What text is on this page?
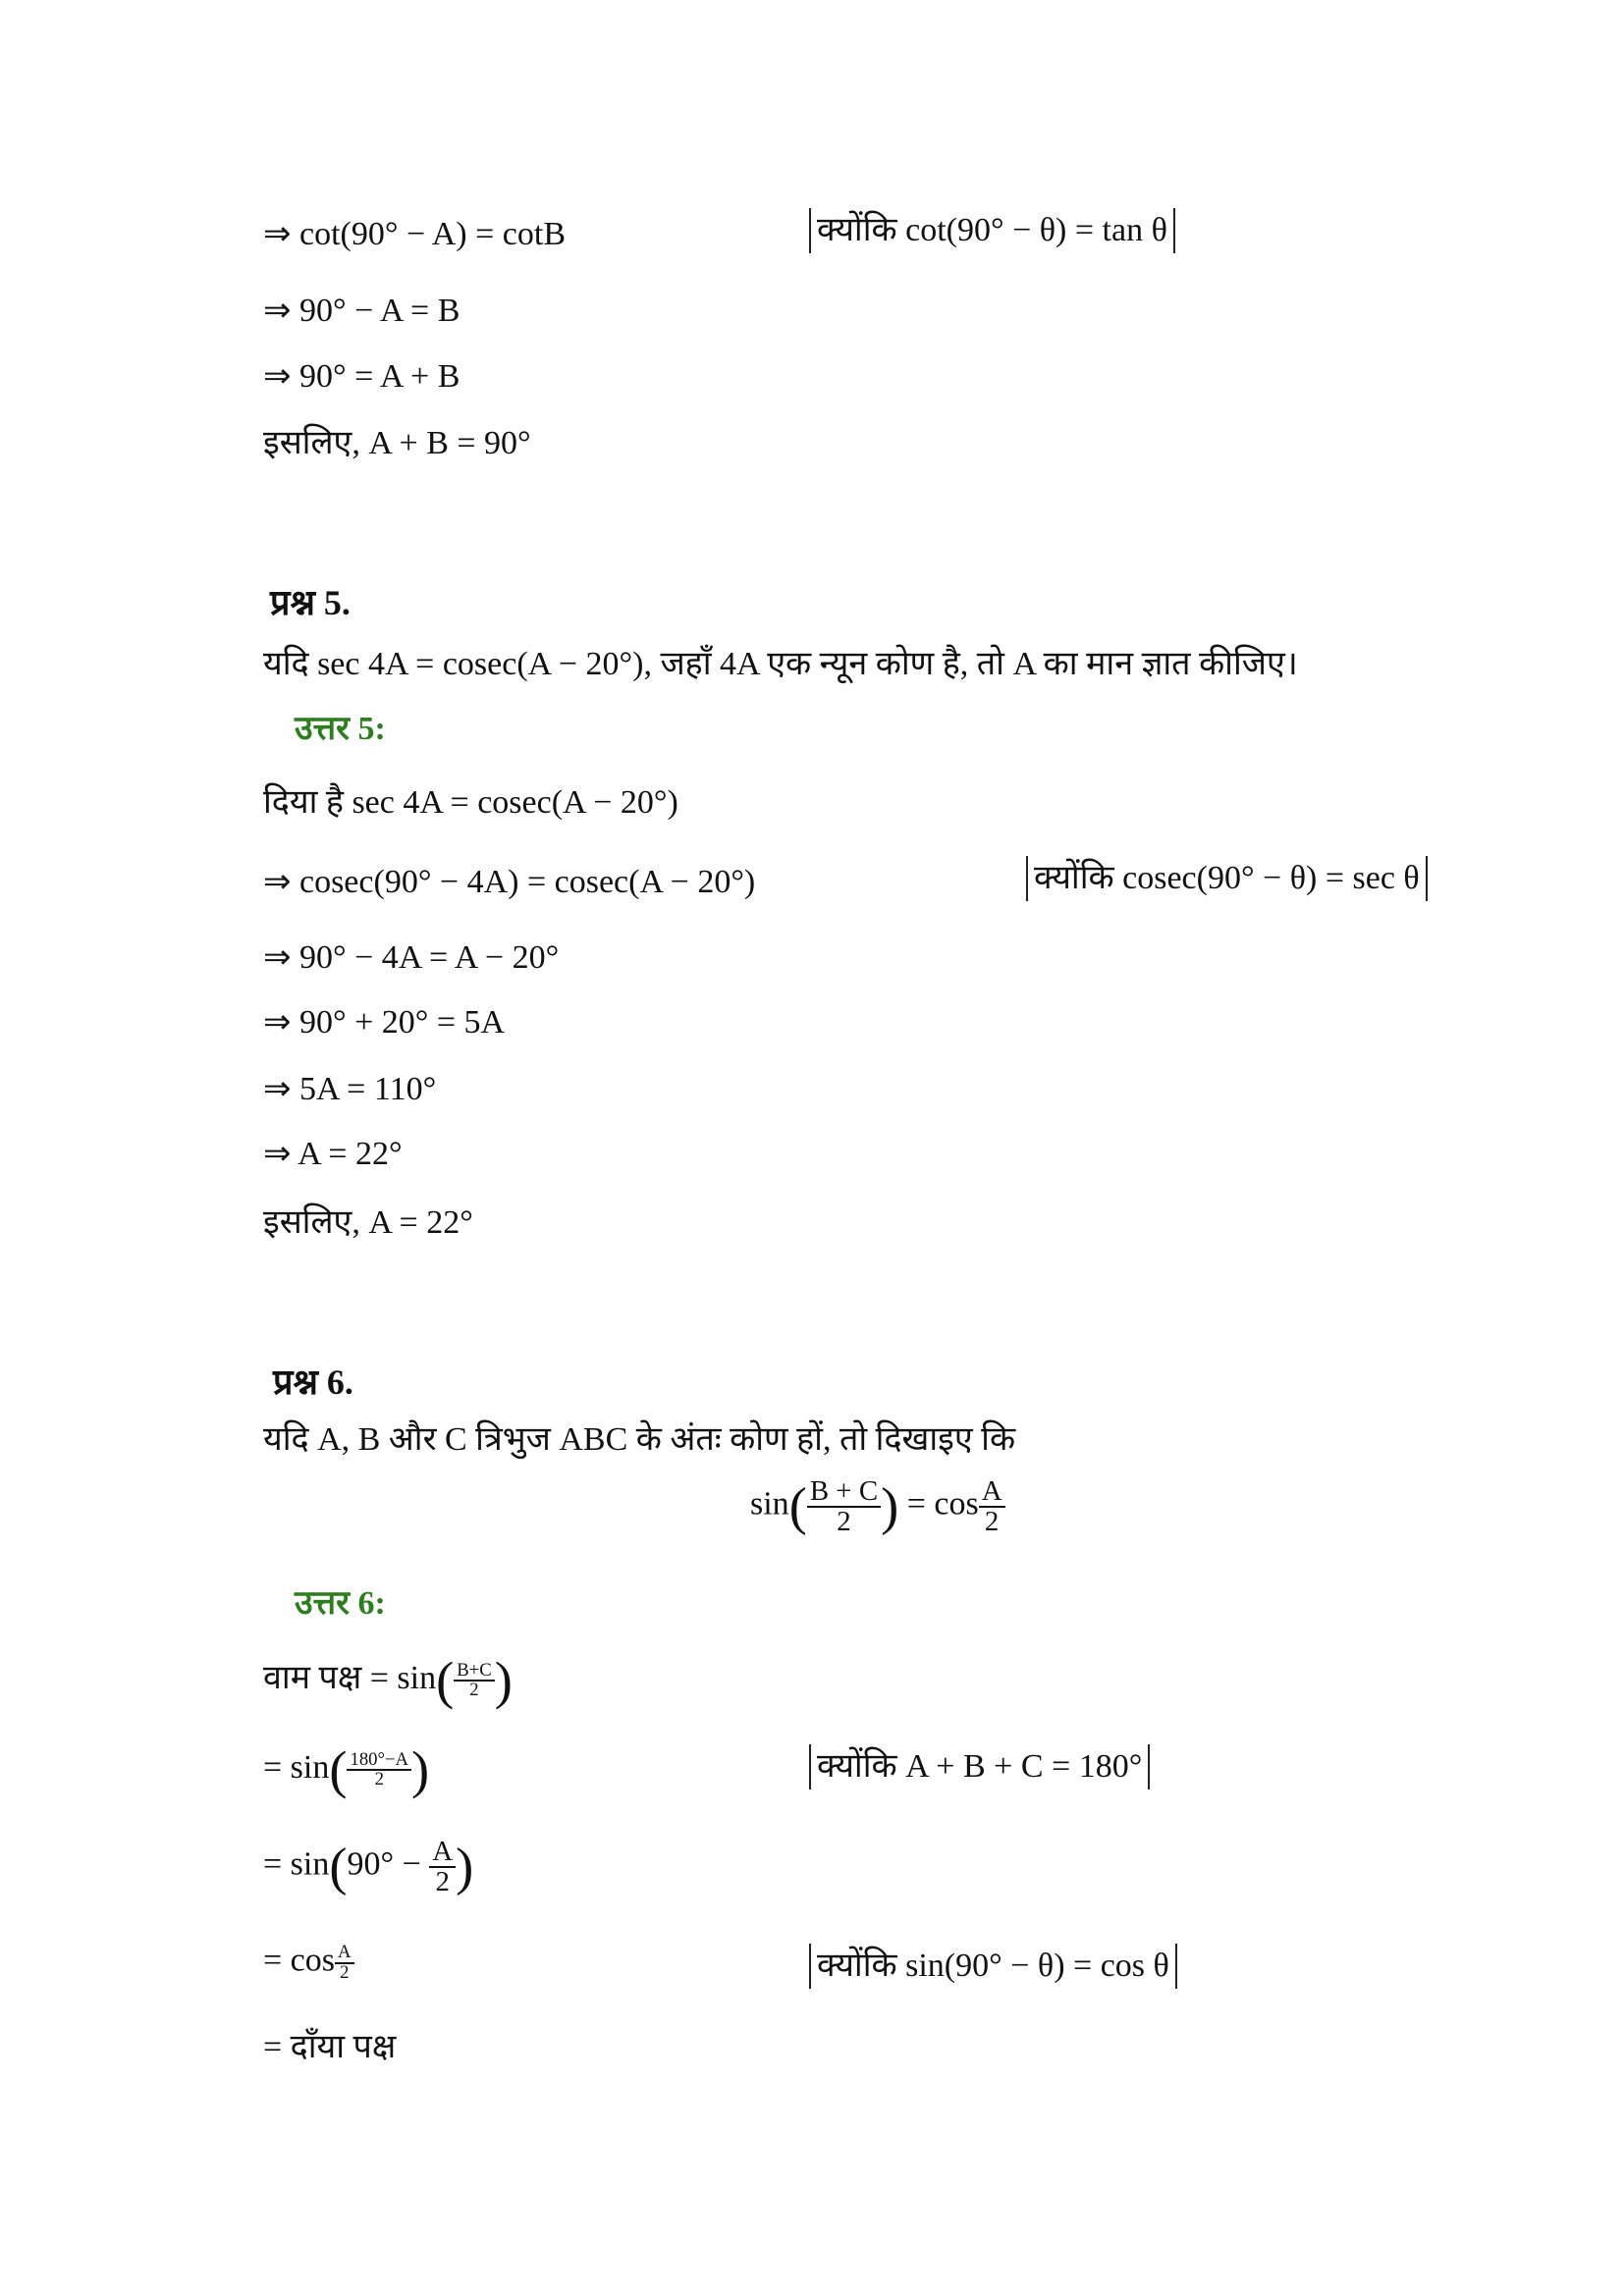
⇒ cot(90° − A) = cotB	क्योंकि cot(90° − θ) = tan θ
⇒ 90° − A = B
⇒ 90° = A + B
इसलिए, A + B = 90°
प्रश्न 5.
यदि sec 4A = cosec(A − 20°), जहाँ 4A एक न्यून कोण है, तो A का मान ज्ञात कीजिए।
उत्तर 5:
दिया है sec 4A = cosec(A − 20°)
⇒ cosec(90° − 4A) = cosec(A − 20°)	क्योंकि cosec(90° − θ) = sec θ
⇒ 90° − 4A = A − 20°
⇒ 90° + 20° = 5A
⇒ 5A = 110°
⇒ A = 22°
इसलिए, A = 22°
प्रश्न 6.
यदि A, B और C त्रिभुज ABC के अंतः कोण हों, तो दिखाइए कि
$\sin( \frac{B + C}{2}$ ) = $\cos \frac{A}{2}$
उत्तर 6:
वाम पक्ष = $\sin( \frac{B+C}{2}$ )
= $\sin( \frac{180^\circ-A}{2}$ )	क्योंकि A + B + C = 180°
= $\sin(90^\circ - \frac{A}{2}$ )
= $\cos \frac{A}{2}$	क्योंकि sin(90° − θ) = cos θ
= दाँया पक्ष
